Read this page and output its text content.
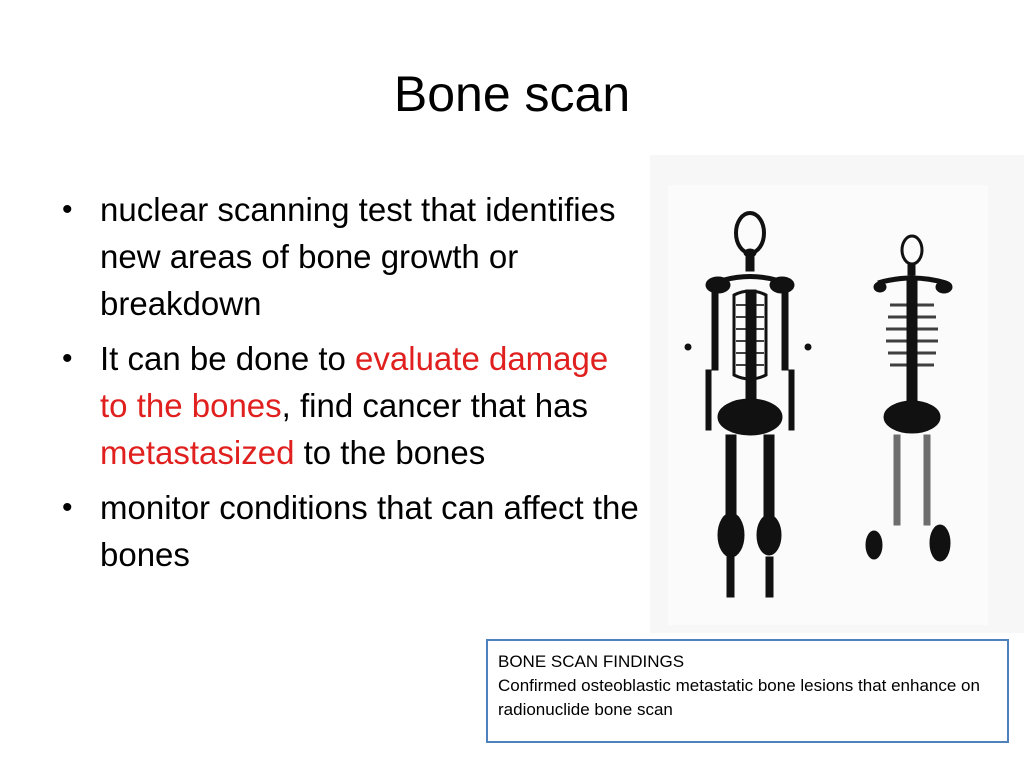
Bone scan
• nuclear scanning test that identifies new areas of bone growth or breakdown
• It can be done to evaluate damage to the bones, find cancer that has metastasized to the bones
• monitor conditions that can affect the bones
BONE SCAN FINDINGS
Confirmed osteoblastic metastatic bone lesions that enhance on radionuclide bone scan
